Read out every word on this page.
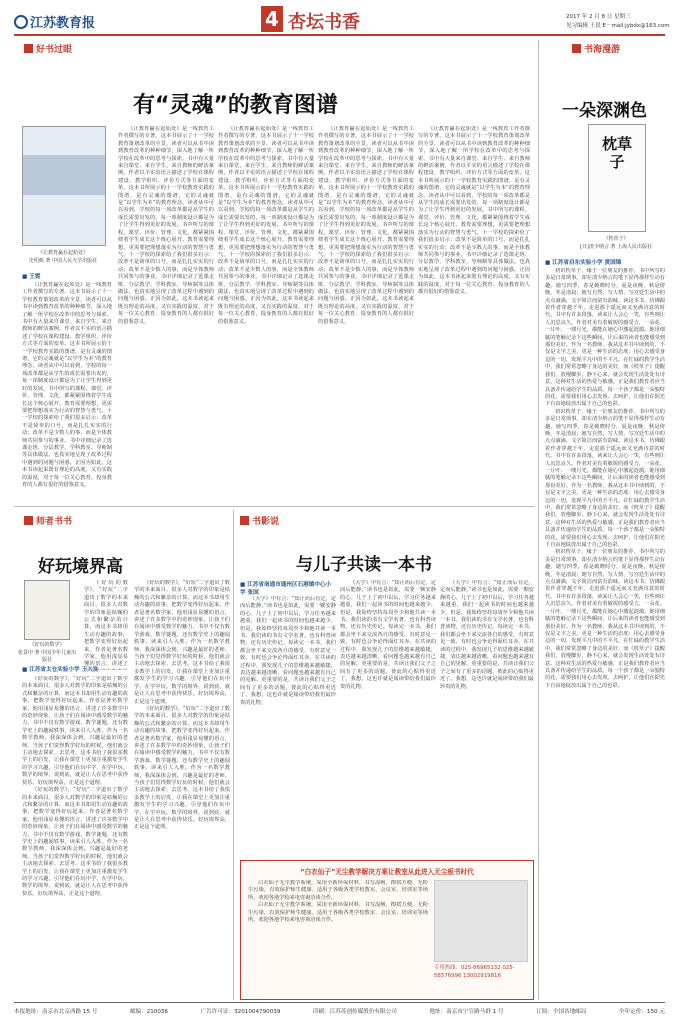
江苏教育报	4 杏坛书香	2017 年 2 月 8 日 星期三
见习编辑 王晨 E－mail:jybdx@163.com
好书过眼	书海漫游
师者书书	书影说
有“灵魂”的教育图谱
《让教育赢在起始处》
史绍典 著 中国人民大学出版社
■ 王霓

《让教育赢在起始处》是一线教育工作者撰写的专著。这本书展示了十一学校教育策划改革的全景，读者可以从书中读到教育改革的种种细节，深入地了解一所学校在改革中的思考与探索。书中有大量来自课堂、来自学生、来自教师的鲜活案例，作者以平实的语言描述了学校在课程建设、教学组织、评价方式等方面的变革。这本书所展示的十一学校教育实践的图谱，是有灵魂的图谱，它的灵魂就是“以学生为本”的教育理念。读者从中可以看到，学校的每一项改革都是从学生的成长需要出发的，每一项制度设计都是为了让学生得到更好的发展。书中所写的课程、课堂、评价、管理、文化，都紧紧围绕着学生成长这个核心展开。教育需要理想，更需要把理想落实为行动的智慧与勇气。十一学校的探索给了我们很多启示：改革不是简单的口号，而是扎扎实实的行动；改革不是少数人的事，而是全体教师共同参与的事业。书中详细记录了选课走班、分层教学、学科教室、导师制等具体做法，也真实地呈现了改革过程中遇到的问题与困惑。正因为如此，这本书读起来既有理论的高度，又有实践的温度，对于每一位关心教育、投身教育的人都有很好的借鉴意义。

《让教育赢在起始处》是一线教育工作者撰写的专著。这本书展示了十一学校教育策划改革的全景，读者可以从书中读到教育改革的种种细节，深入地了解一所学校在改革中的思考与探索。书中有大量来自课堂、来自学生、来自教师的鲜活案例，作者以平实的语言描述了学校在课程建设、教学组织、评价方式等方面的变革。这本书所展示的十一学校教育实践的图谱，是有灵魂的图谱，它的灵魂就是“以学生为本”的教育理念。读者从中可以看到，学校的每一项改革都是从学生的成长需要出发的，每一项制度设计都是为了让学生得到更好的发展。书中所写的课程、课堂、评价、管理、文化，都紧紧围绕着学生成长这个核心展开。教育需要理想，更需要把理想落实为行动的智慧与勇气。十一学校的探索给了我们很多启示：改革不是简单的口号，而是扎扎实实的行动；改革不是少数人的事，而是全体教师共同参与的事业。书中详细记录了选课走班、分层教学、学科教室、导师制等具体做法，也真实地呈现了改革过程中遇到的问题与困惑。正因为如此，这本书读起来既有理论的高度，又有实践的温度，对于每一位关心教育、投身教育的人都有很好的借鉴意义。

《让教育赢在起始处》是一线教育工作者撰写的专著。这本书展示了十一学校教育策划改革的全景，读者可以从书中读到教育改革的种种细节，深入地了解一所学校在改革中的思考与探索。书中有大量来自课堂、来自学生、来自教师的鲜活案例，作者以平实的语言描述了学校在课程建设、教学组织、评价方式等方面的变革。这本书所展示的十一学校教育实践的图谱，是有灵魂的图谱，它的灵魂就是“以学生为本”的教育理念。读者从中可以看到，学校的每一项改革都是从学生的成长需要出发的，每一项制度设计都是为了让学生得到更好的发展。书中所写的课程、课堂、评价、管理、文化，都紧紧围绕着学生成长这个核心展开。教育需要理想，更需要把理想落实为行动的智慧与勇气。十一学校的探索给了我们很多启示：改革不是简单的口号，而是扎扎实实的行动；改革不是少数人的事，而是全体教师共同参与的事业。书中详细记录了选课走班、分层教学、学科教室、导师制等具体做法，也真实地呈现了改革过程中遇到的问题与困惑。正因为如此，这本书读起来既有理论的高度，又有实践的温度，对于每一位关心教育、投身教育的人都有很好的借鉴意义。

《让教育赢在起始处》是一线教育工作者撰写的专著。这本书展示了十一学校教育策划改革的全景，读者可以从书中读到教育改革的种种细节，深入地了解一所学校在改革中的思考与探索。书中有大量来自课堂、来自学生、来自教师的鲜活案例，作者以平实的语言描述了学校在课程建设、教学组织、评价方式等方面的变革。这本书所展示的十一学校教育实践的图谱，是有灵魂的图谱，它的灵魂就是“以学生为本”的教育理念。读者从中可以看到，学校的每一项改革都是从学生的成长需要出发的，每一项制度设计都是为了让学生得到更好的发展。书中所写的课程、课堂、评价、管理、文化，都紧紧围绕着学生成长这个核心展开。教育需要理想，更需要把理想落实为行动的智慧与勇气。十一学校的探索给了我们很多启示：改革不是简单的口号，而是扎扎实实的行动；改革不是少数人的事，而是全体教师共同参与的事业。书中详细记录了选课走班、分层教学、学科教室、导师制等具体做法，也真实地呈现了改革过程中遇到的问题与困惑。正因为如此，这本书读起来既有理论的高度，又有实践的温度，对于每一位关心教育、投身教育的人都有很好的借鉴意义。

《让教育赢在起始处》是一线教育工作者撰写的专著。这本书展示了十一学校教育策划改革的全景，读者可以从书中读到教育改革的种种细节，深入地了解一所学校在改革中的思考与探索。书中有大量来自课堂、来自学生、来自教师的鲜活案例，作者以平实的语言描述了学校在课程建设、教学组织、评价方式等方面的变革。这本书所展示的十一学校教育实践的图谱，是有灵魂的图谱，它的灵魂就是“以学生为本”的教育理念。读者从中可以看到，学校的每一项改革都是从学生的成长需要出发的，每一项制度设计都是为了让学生得到更好的发展。书中所写的课程、课堂、评价、管理、文化，都紧紧围绕着学生成长这个核心展开。教育需要理想，更需要把理想落实为行动的智慧与勇气。十一学校的探索给了我们很多启示：改革不是简单的口号，而是扎扎实实的行动；改革不是少数人的事，而是全体教师共同参与的事业。书中详细记录了选课走班、分层教学、学科教室、导师制等具体做法，也真实地呈现了改革过程中遇到的问题与困惑。正因为如此，这本书读起来既有理论的高度，又有实践的温度，对于每一位关心教育、投身教育的人都有很好的借鉴意义。

一朵深渊色
枕草子
《枕草子》
[日]清少纳言 著 上海人民出版社
■ 江苏省启东实验小学 黄国锦

初识枕草子，缘于一位朋友的推荐。书中所写的多是日常琐事，却在清少纳言的笔下显得那样生动有趣。她写四季，春是破晓时分，夏是夜晚，秋是傍晚，冬是清晨；她写自然，写人情，写宫廷生活中的点点滴滴，文字简洁而富有韵味。读这本书，仿佛跟着作者穿越千年，走进那个遥远而又充满诗意的时代。书中有许多段落，读来让人会心一笑，有些则让人沉思良久。作者对美有着敏锐的感受力，一朵花、一片叶、一缕月光，都能在她心中激起涟漪。她用细腻的笔触记录下这些瞬间，让后来的读者也能感受到那份美好。作为一名教师，我从这本书中读到的，不仅是文字之美，更是一种生活的态度：用心去感受身边的一切，发现平凡中的不平凡。在忙碌的教学生活中，我们常常忽略了身边的美好，而《枕草子》提醒我们，放慢脚步，静下心来，就会发现生活处处有诗意。这种对生活的热爱与敏感，正是我们教育者应当具备并传递给学生的品质。每一个孩子都是一朵独特的花，需要我们用心去发现、去呵护，让他们在阳光下自由地绽放出属于自己的色彩。

初识枕草子，缘于一位朋友的推荐。书中所写的多是日常琐事，却在清少纳言的笔下显得那样生动有趣。她写四季，春是破晓时分，夏是夜晚，秋是傍晚，冬是清晨；她写自然，写人情，写宫廷生活中的点点滴滴，文字简洁而富有韵味。读这本书，仿佛跟着作者穿越千年，走进那个遥远而又充满诗意的时代。书中有许多段落，读来让人会心一笑，有些则让人沉思良久。作者对美有着敏锐的感受力，一朵花、一片叶、一缕月光，都能在她心中激起涟漪。她用细腻的笔触记录下这些瞬间，让后来的读者也能感受到那份美好。作为一名教师，我从这本书中读到的，不仅是文字之美，更是一种生活的态度：用心去感受身边的一切，发现平凡中的不平凡。在忙碌的教学生活中，我们常常忽略了身边的美好，而《枕草子》提醒我们，放慢脚步，静下心来，就会发现生活处处有诗意。这种对生活的热爱与敏感，正是我们教育者应当具备并传递给学生的品质。每一个孩子都是一朵独特的花，需要我们用心去发现、去呵护，让他们在阳光下自由地绽放出属于自己的色彩。

初识枕草子，缘于一位朋友的推荐。书中所写的多是日常琐事，却在清少纳言的笔下显得那样生动有趣。她写四季，春是破晓时分，夏是夜晚，秋是傍晚，冬是清晨；她写自然，写人情，写宫廷生活中的点点滴滴，文字简洁而富有韵味。读这本书，仿佛跟着作者穿越千年，走进那个遥远而又充满诗意的时代。书中有许多段落，读来让人会心一笑，有些则让人沉思良久。作者对美有着敏锐的感受力，一朵花、一片叶、一缕月光，都能在她心中激起涟漪。她用细腻的笔触记录下这些瞬间，让后来的读者也能感受到那份美好。作为一名教师，我从这本书中读到的，不仅是文字之美，更是一种生活的态度：用心去感受身边的一切，发现平凡中的不平凡。在忙碌的教学生活中，我们常常忽略了身边的美好，而《枕草子》提醒我们，放慢脚步，静下心来，就会发现生活处处有诗意。这种对生活的热爱与敏感，正是我们教育者应当具备并传递给学生的品质。每一个孩子都是一朵独特的花，需要我们用心去发现、去呵护，让他们在阳光下自由地绽放出属于自己的色彩。

好玩境界高
《好玩的数学》
张景中 著 中国少年儿童出版社
■ 江苏省太仓实验小学 王大发

《好玩的数学》，“好玩”二字道出了数学的本来面目。很多人对数学的印象是枯燥的公式和繁杂的计算，而这本书却用生动有趣的故事，把数学变得好玩起来。作者是著名数学家，他用浅显易懂的语言，讲述了许多数学中的奇妙现象，让孩子们在阅读中感受数学的魅力。书中不仅有数学游戏、数学谜题，还有数学史上的趣闻轶事，读来引人入胜。作为一名数学教师，我深深体会到，兴趣是最好的老师。当孩子们觉得数学好玩的时候，他们就会主动地去探索、去思考。这本书给了我很多教学上的启发，让我在课堂上更加注重激发学生的学习兴趣，引导他们在玩中学、在学中玩。数学的境界，说到底，就是让人在思考中获得快乐。好玩境界高，正是这个道理。

《好玩的数学》，“好玩”二字道出了数学的本来面目。很多人对数学的印象是枯燥的公式和繁杂的计算，而这本书却用生动有趣的故事，把数学变得好玩起来。作者是著名数学家，他用浅显易懂的语言，讲述了许多数学中的奇妙现象，让孩子们在阅读中感受数学的魅力。书中不仅有数学游戏、数学谜题，还有数学史上的趣闻轶事，读来引人入胜。作为一名数学教师，我深深体会到，兴趣是最好的老师。当孩子们觉得数学好玩的时候，他们就会主动地去探索、去思考。这本书给了我很多教学上的启发，让我在课堂上更加注重激发学生的学习兴趣，引导他们在玩中学、在学中玩。数学的境界，说到底，就是让人在思考中获得快乐。好玩境界高，正是这个道理。

《好玩的数学》，“好玩”二字道出了数学的本来面目。很多人对数学的印象是枯燥的公式和繁杂的计算，而这本书却用生动有趣的故事，把数学变得好玩起来。作者是著名数学家，他用浅显易懂的语言，讲述了

《好玩的数学》，“好玩”二字道出了数学的本来面目。很多人对数学的印象是枯燥的公式和繁杂的计算，而这本书却用生动有趣的故事，把数学变得好玩起来。作者是著名数学家，他用浅显易懂的语言，讲述了许多数学中的奇妙现象，让孩子们在阅读中感受数学的魅力。书中不仅有数学游戏、数学谜题，还有数学史上的趣闻轶事，读来引人入胜。作为一名数学教师，我深深体会到，兴趣是最好的老师。当孩子们觉得数学好玩的时候，他们就会主动地去探索、去思考。这本书给了我很多教学上的启发，让我在课堂上更加注重激发学生的学习兴趣，引导他们在玩中学、在学中玩。数学的境界，说到底，就是让人在思考中获得快乐。好玩境界高，正是这个道理。

《好玩的数学》，“好玩”二字道出了数学的本来面目。很多人对数学的印象是枯燥的公式和繁杂的计算，而这本书却用生动有趣的故事，把数学变得好玩起来。作者是著名数学家，他用浅显易懂的语言，讲述了许多数学中的奇妙现象，让孩子们在阅读中感受数学的魅力。书中不仅有数学游戏、数学谜题，还有数学史上的趣闻轶事，读来引人入胜。作为一名数学教师，我深深体会到，兴趣是最好的老师。当孩子们觉得数学好玩的时候，他们就会主动地去探索、去思考。这本书给了我很多教学上的启发，让我在课堂上更加注重激发学生的学习兴趣，引导他们在玩中学、在学中玩。数学的境界，说到底，就是让人在思考中获得快乐。好玩境界高，正是这个道理。

与儿子共读一本书
■ 江苏省南通市通州区石港镇中心小学 张国

《大学》中有言：“知止而后有定，定而后能静。”读书也是如此，需要一颗安静的心。儿子上了初中以后，学习任务越来越重，我们一起读书的时间也越来越少。但是，我始终坚持每周至少和他共读一本书。我们读的书有文学名著，也有科普读物，还有历史传记。每读完一本书，我们都会坐下来交流各自的感受，有时意见一致，有时也会争论得面红耳赤。在共读的过程中，我发现儿子的思维越来越敏捷，表达越来越清晰，看问题也越来越有自己的见解。更重要的是，共读让我们父子之间有了更多的话题，彼此的心贴得更近了。我想，这也许就是阅读带给我们最珍贵的礼物。

《大学》中有言：“知止而后有定，定而后能静。”读书也是如此，需要一颗安静的心。儿子上了初中以后，学习任务越来越重，我们一起读书的时间也越来越少。但是，我始终坚持每周至少和他共读一本书。我们读的书有文学名著，也有科普读物，还有历史传记。每读完一本书，我们都会坐下来交流各自的感受，有时意见一致，有时也会争论得面红耳赤。在共读的过程中，我发现儿子的思维越来越敏捷，表达越来越清晰，看问题也越来越有自己的见解。更重要的是，共读让我们父子之间有了更多的话题，彼此的心贴得更近了。我想，这也许就是阅读带给我们最珍贵的礼物。

《大学》中有言：“知止而后有定，定而后能静。”读书也是如此，需要一颗安静的心。儿子上了初中以后，学习任务越来越重，我们一起读书的时间也越来越少。但是，我始终坚持每周至少和他共读一本书。我们读的书有文学名著，也有科普读物，还有历史传记。每读完一本书，我们都会坐下来交流各自的感受，有时意见一致，有时也会争论得面红耳赤。在共读的过程中，我发现儿子的思维越来越敏捷，表达越来越清晰，看问题也越来越有自己的见解。更重要的是，共读让我们父子之间有了更多的话题，彼此的心贴得更近了。我想，这也许就是阅读带给我们最珍贵的礼物。

“白衣仙子”无尘教学解决方案让教室从此进入无尘板书时代

白衣仙子无尘教学系统，采用全新环保材料，书写流畅，擦拭方便，无粉尘污染，有效保护师生健康。适用于各级各类学校教室、会议室、培训室等场所。欢迎各地学校来电咨询洽谈合作。

白衣仙子无尘教学系统，采用全新环保材料，书写流畅，擦拭方便，无粉尘污染，有效保护师生健康。适用于各级各类学校教室、会议室、培训室等场所。欢迎各地学校来电咨询洽谈合作。

专用热线：025-86965132 025-58576996 13002919816
本报地址：南京市北京西路 15 号	邮编：210036	广告许可证：3201004790039	印刷：江苏苏创传媒股份有限公司	地址：南京市宁宣路马群 1 号	订阅：全国各地邮局	全年定价：150 元
